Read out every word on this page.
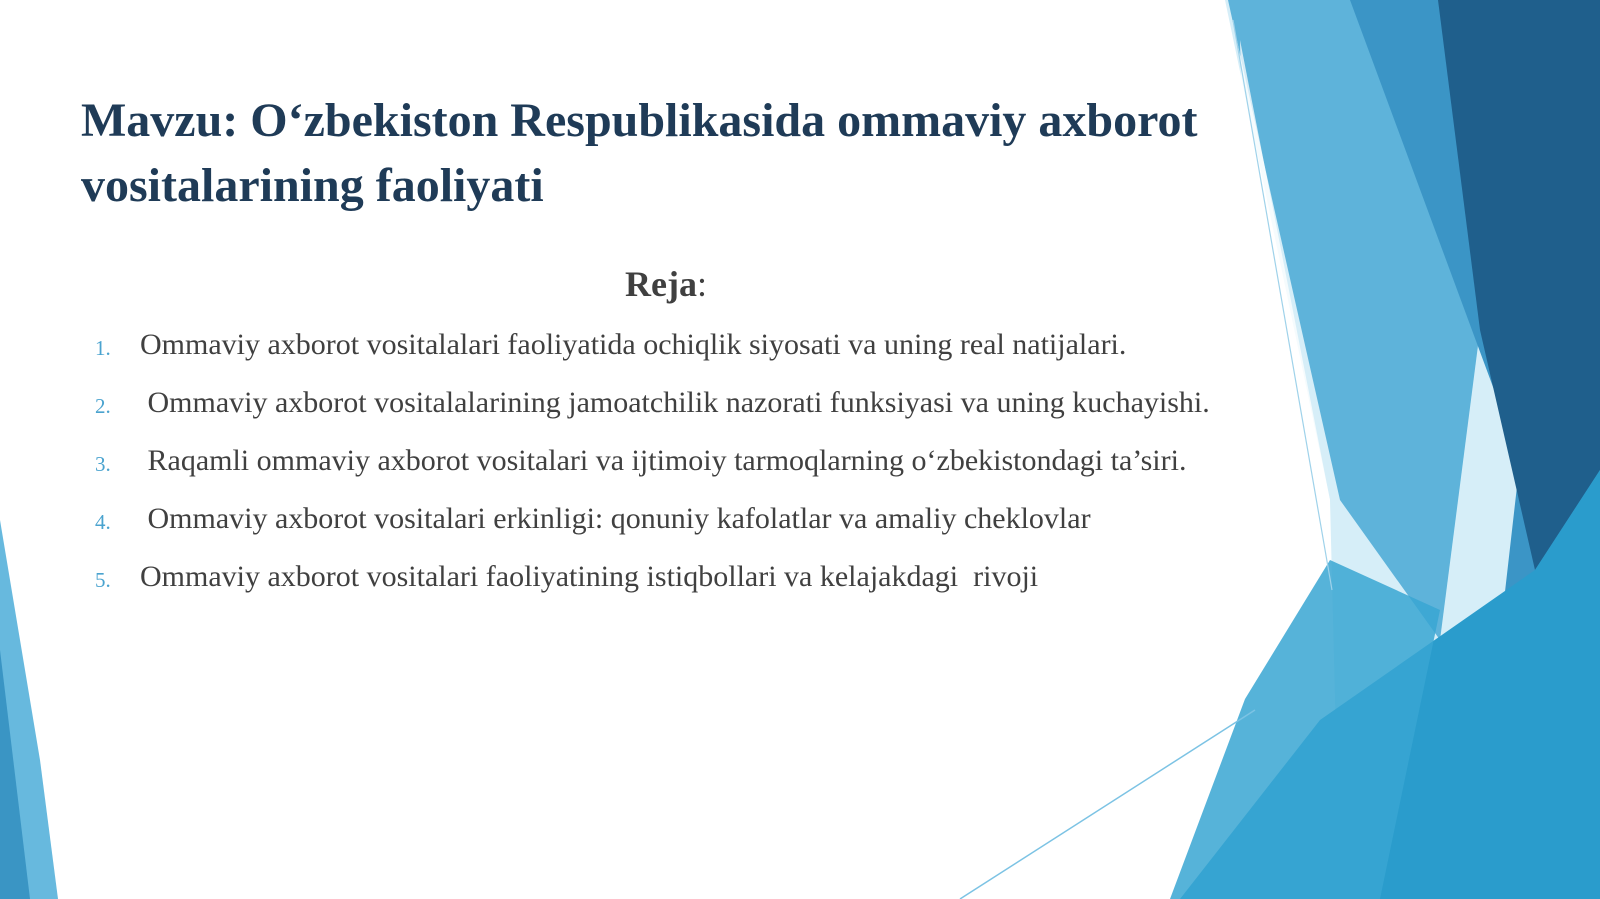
Mavzu: O‘zbekiston Respublikasida ommaviy axborot vositalarining faoliyati
Reja:
1. Ommaviy axborot vositalalari faoliyatida ochiqlik siyosati va uning real natijalari.
2. Ommaviy axborot vositalalarining jamoatchilik nazorati funksiyasi va uning kuchayishi.
3. Raqamli ommaviy axborot vositalari va ijtimoiy tarmoqlarning o‘zbekistondagi ta’siri.
4. Ommaviy axborot vositalari erkinligi: qonuniy kafolatlar va amaliy cheklovlar
5. Ommaviy axborot vositalari faoliyatining istiqbollari va kelajakdagi  rivoji
